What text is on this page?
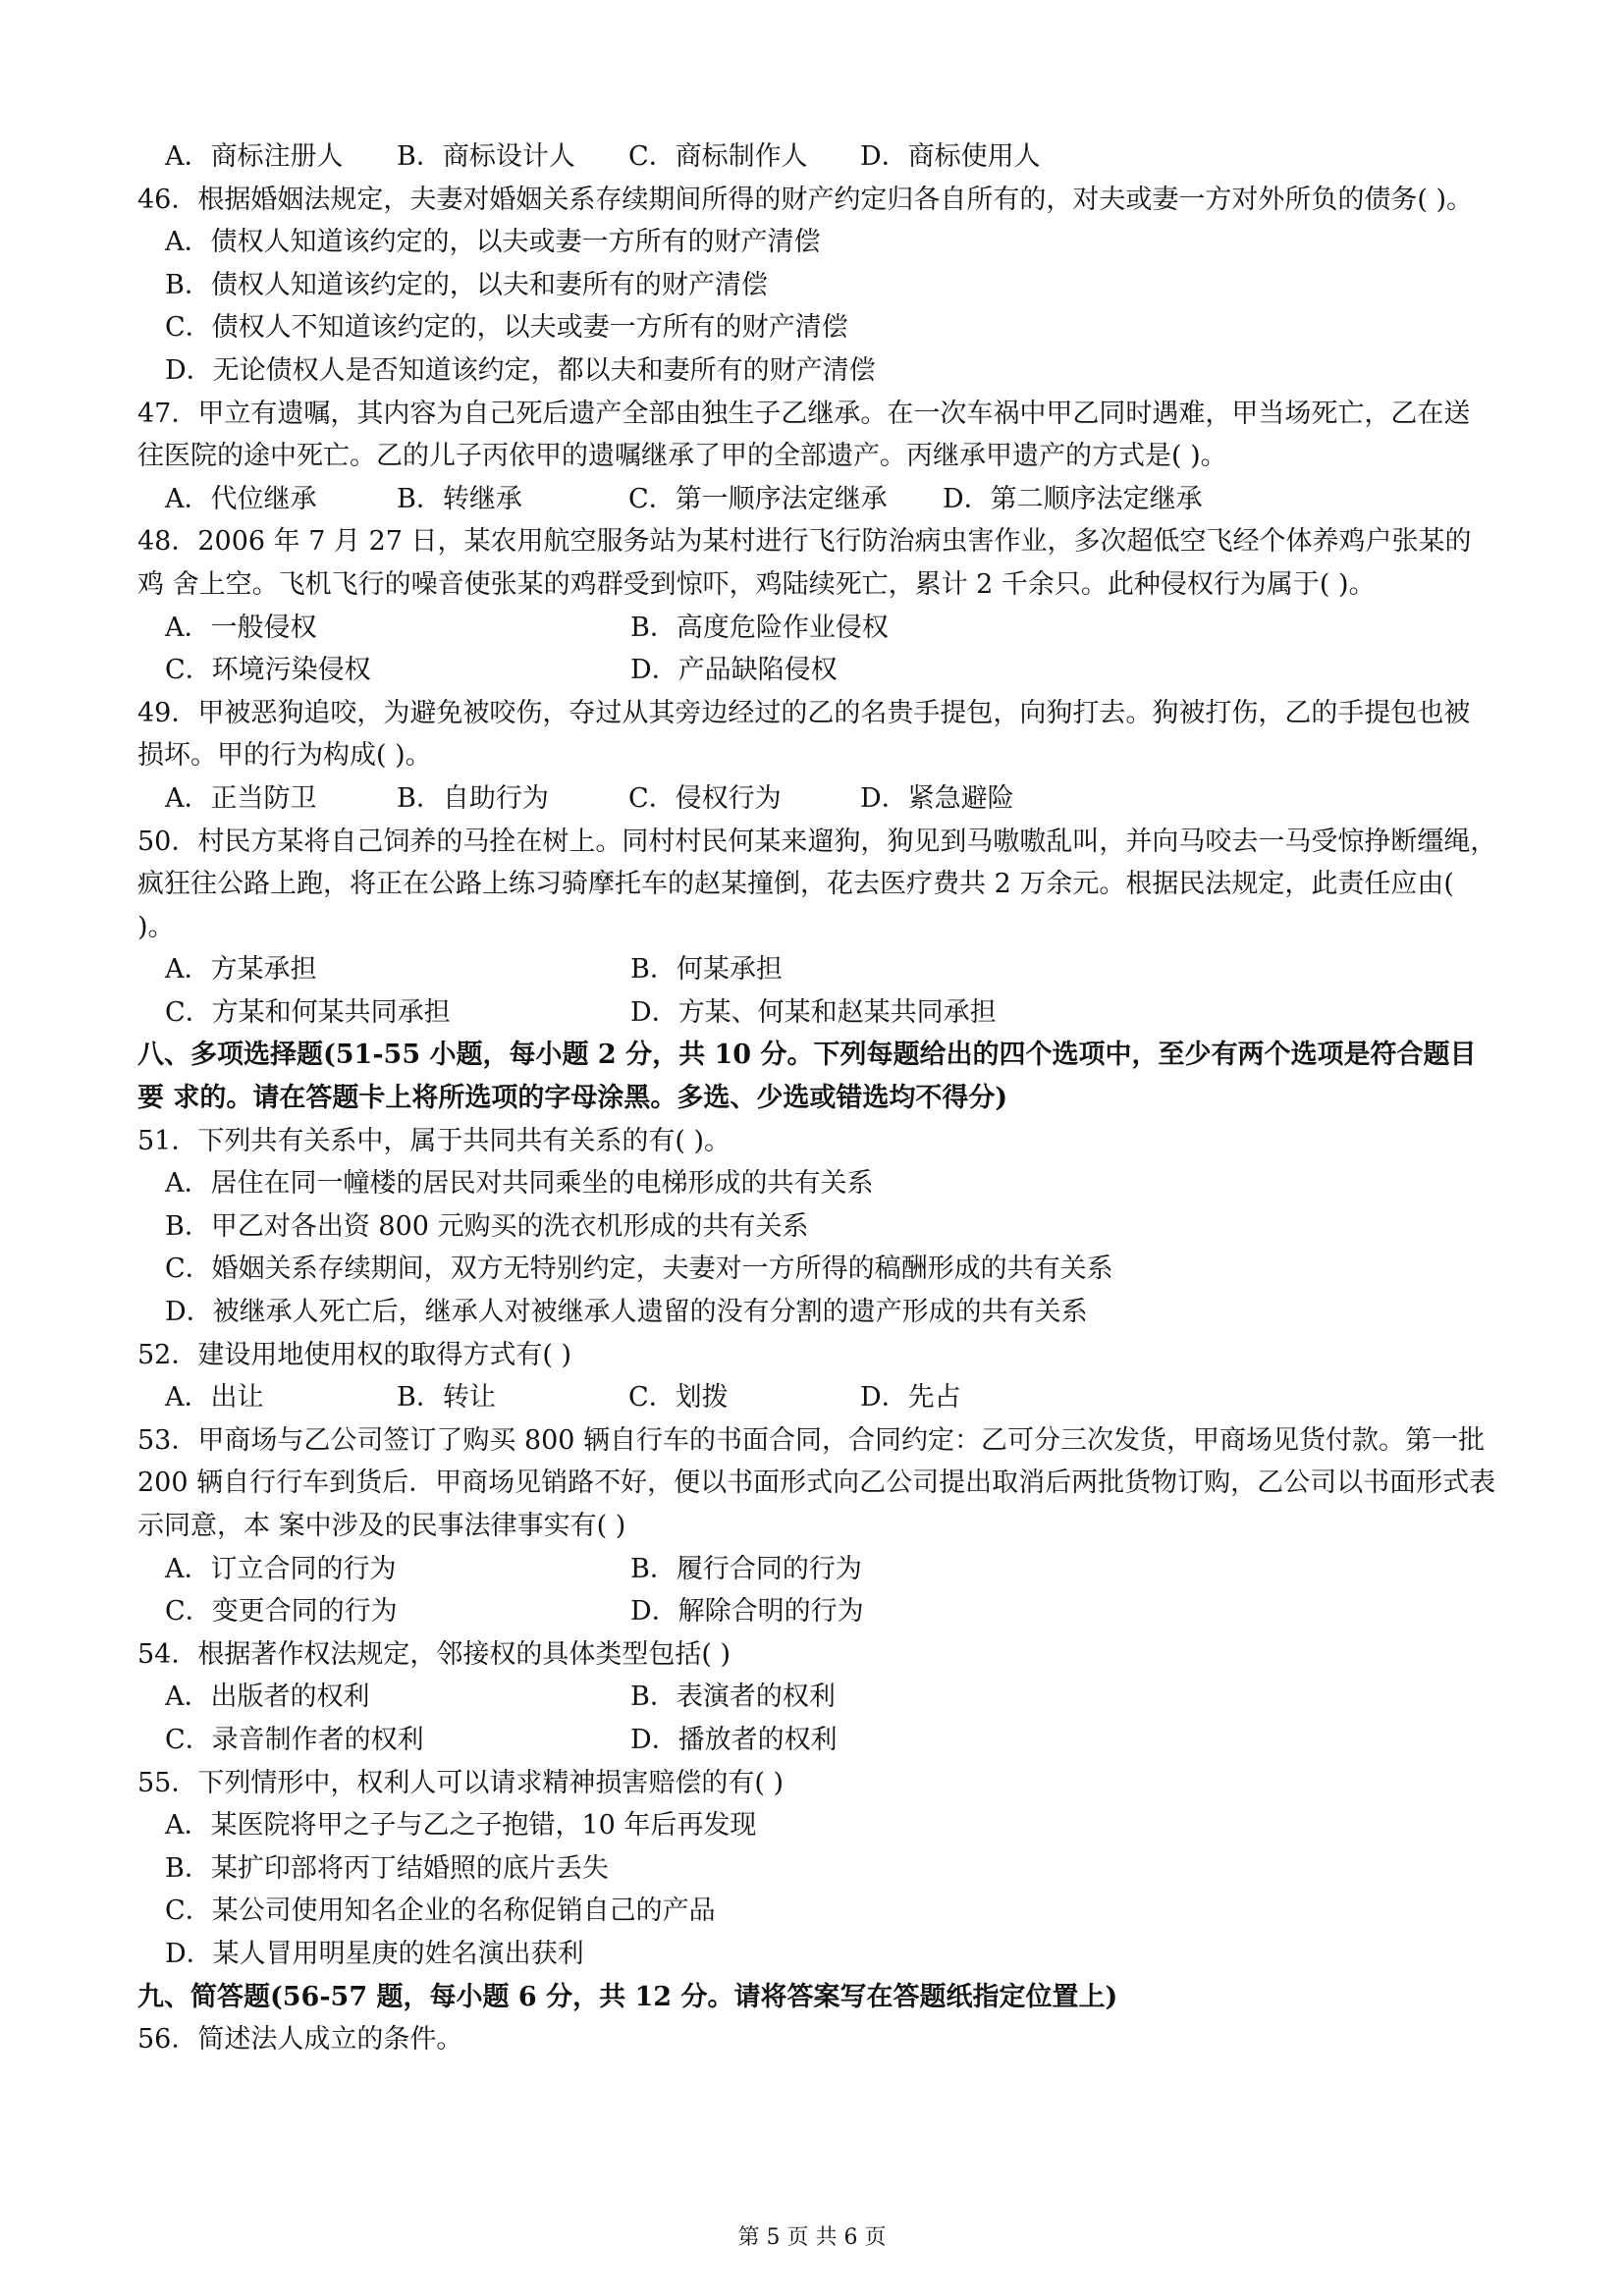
A．商标注册人	B．商标设计人	C．商标制作人	D．商标使用人
46．根据婚姻法规定，夫妻对婚姻关系存续期间所得的财产约定归各自所有的，对夫或妻一方对外所负的债务( )。
A．债权人知道该约定的，以夫或妻一方所有的财产清偿
B．债权人知道该约定的，以夫和妻所有的财产清偿
C．债权人不知道该约定的，以夫或妻一方所有的财产清偿
D．无论债权人是否知道该约定，都以夫和妻所有的财产清偿
47．甲立有遗嘱，其内容为自己死后遗产全部由独生子乙继承。在一次车祸中甲乙同时遇难，甲当场死亡，乙在送 往医院的途中死亡。乙的儿子丙依甲的遗嘱继承了甲的全部遗产。丙继承甲遗产的方式是( )。
A．代位继承	B．转继承	C．第一顺序法定继承	D．第二顺序法定继承
48．2006 年 7 月 27 日，某农用航空服务站为某村进行飞行防治病虫害作业，多次超低空飞经个体养鸡户张某的鸡 舍上空。飞机飞行的噪音使张某的鸡群受到惊吓，鸡陆续死亡，累计 2 千余只。此种侵权行为属于( )。
A．一般侵权	B．高度危险作业侵权
C．环境污染侵权	D．产品缺陷侵权
49．甲被恶狗追咬，为避免被咬伤，夺过从其旁边经过的乙的名贵手提包，向狗打去。狗被打伤，乙的手提包也被 损坏。甲的行为构成( )。
A．正当防卫	B．自助行为	C．侵权行为	D．紧急避险
50．村民方某将自己饲养的马拴在树上。同村村民何某来遛狗，狗见到马嗷嗷乱叫，并向马咬去一马受惊挣断缰绳， 疯狂往公路上跑，将正在公路上练习骑摩托车的赵某撞倒，花去医疗费共 2 万余元。根据民法规定，此责任应由( )。
A．方某承担	B．何某承担
C．方某和何某共同承担	D．方某、何某和赵某共同承担
八、多项选择题(51-55 小题，每小题 2 分，共 10 分。下列每题给出的四个选项中，至少有两个选项是符合题目要 求的。请在答题卡上将所选项的字母涂黑。多选、少选或错选均不得分)
51．下列共有关系中，属于共同共有关系的有( )。
A．居住在同一幢楼的居民对共同乘坐的电梯形成的共有关系
B．甲乙对各出资 800 元购买的洗衣机形成的共有关系
C．婚姻关系存续期间，双方无特别约定，夫妻对一方所得的稿酬形成的共有关系
D．被继承人死亡后，继承人对被继承人遗留的没有分割的遗产形成的共有关系
52．建设用地使用权的取得方式有( )
A．出让	B．转让	C．划拨	D．先占
53．甲商场与乙公司签订了购买 800 辆自行车的书面合同，合同约定：乙可分三次发货，甲商场见货付款。第一批 200 辆自行行车到货后．甲商场见销路不好，便以书面形式向乙公司提出取消后两批货物订购，乙公司以书面形式表示同意，本 案中涉及的民事法律事实有( )
A．订立合同的行为	B．履行合同的行为
C．变更合同的行为	D．解除合明的行为
54．根据著作权法规定，邻接权的具体类型包括( )
A．出版者的权利	B．表演者的权利
C．录音制作者的权利	D．播放者的权利
55．下列情形中，权利人可以请求精神损害赔偿的有( )
A．某医院将甲之子与乙之子抱错，10 年后再发现
B．某扩印部将丙丁结婚照的底片丢失
C．某公司使用知名企业的名称促销自己的产品
D．某人冒用明星庚的姓名演出获利
九、简答题(56-57 题，每小题 6 分，共 12 分。请将答案写在答题纸指定位置上)
56．简述法人成立的条件。
第 5 页 共 6 页
